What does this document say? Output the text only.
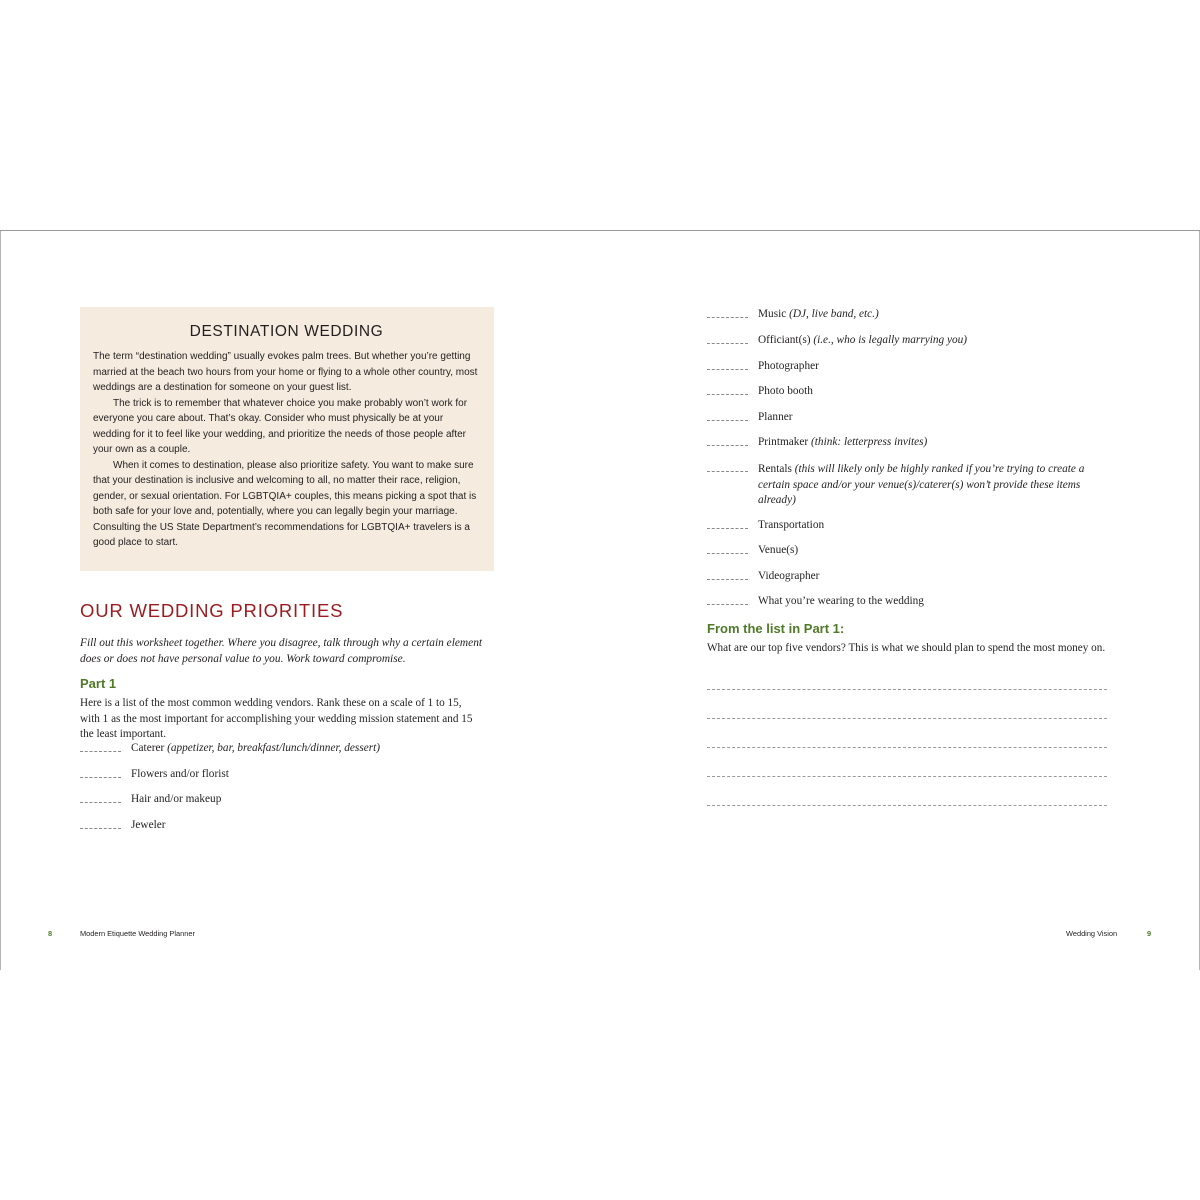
DESTINATION WEDDING

The term “destination wedding” usually evokes palm trees. But whether you’re getting married at the beach two hours from your home or flying to a whole other country, most weddings are a destination for someone on your guest list.

The trick is to remember that whatever choice you make probably won’t work for everyone you care about. That’s okay. Consider who must physically be at your wedding for it to feel like your wedding, and prioritize the needs of those people after your own as a couple.

When it comes to destination, please also prioritize safety. You want to make sure that your destination is inclusive and welcoming to all, no matter their race, religion, gender, or sexual orientation. For LGBTQIA+ couples, this means picking a spot that is both safe for your love and, potentially, where you can legally begin your marriage. Consulting the US State Department’s recommendations for LGBTQIA+ travelers is a good place to start.

OUR WEDDING PRIORITIES
Fill out this worksheet together. Where you disagree, talk through why a certain element does or does not have personal value to you. Work toward compromise.
Part 1
Here is a list of the most common wedding vendors. Rank these on a scale of 1 to 15, with 1 as the most important for accomplishing your wedding mission statement and 15 the least important.
Caterer (appetizer, bar, breakfast/lunch/dinner, dessert)
Flowers and/or florist
Hair and/or makeup
Jeweler
Music (DJ, live band, etc.)
Officiant(s) (i.e., who is legally marrying you)
Photographer
Photo booth
Planner
Printmaker (think: letterpress invites)
Rentals (this will likely only be highly ranked if you’re trying to create a certain space and/or your venue(s)/caterer(s) won’t provide these items already)
Transportation
Venue(s)
Videographer
What you’re wearing to the wedding
From the list in Part 1:
What are our top five vendors? This is what we should plan to spend the most money on.
8	Modern Etiquette Wedding Planner	Wedding Vision	9
